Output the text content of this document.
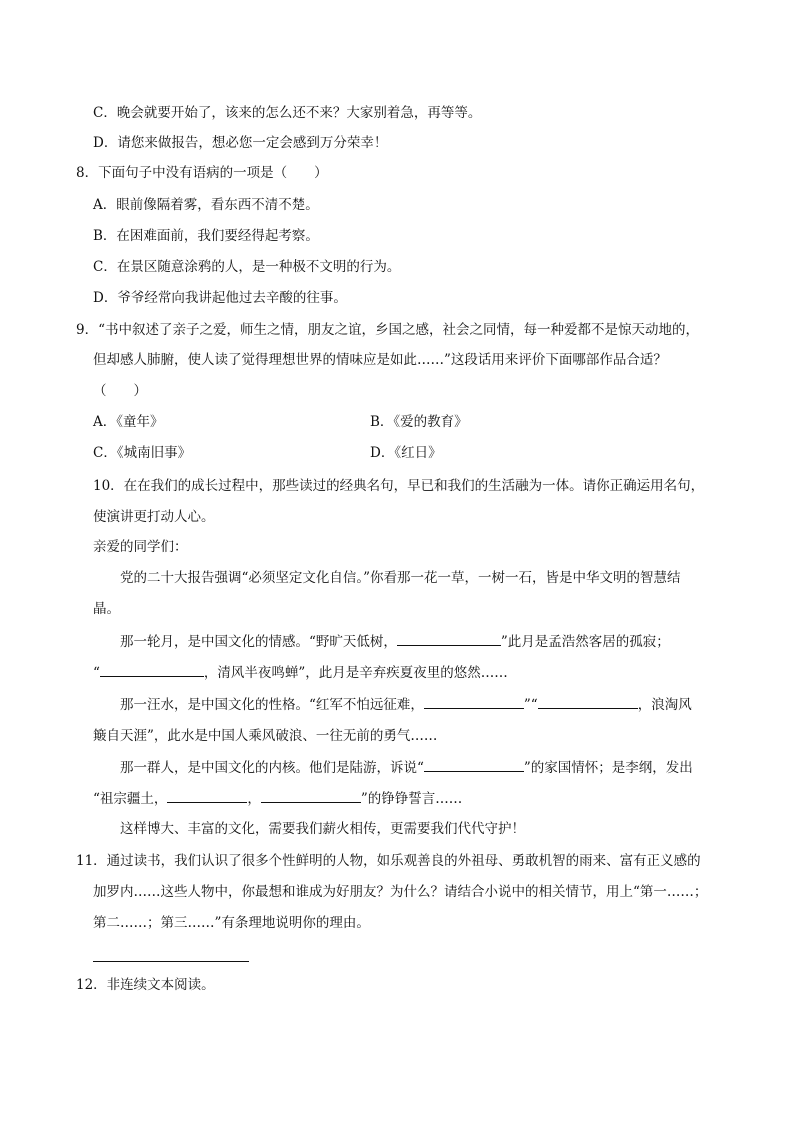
C．晚会就要开始了，该来的怎么还不来？大家别着急，再等等。
D．请您来做报告，想必您一定会感到万分荣幸！
8．下面句子中没有语病的一项是（　　）
A．眼前像隔着雾，看东西不清不楚。
B．在困难面前，我们要经得起考察。
C．在景区随意涂鸦的人，是一种极不文明的行为。
D．爷爷经常向我讲起他过去辛酸的往事。
9．“书中叙述了亲子之爱，师生之情，朋友之谊，乡国之感，社会之同情，每一种爱都不是惊天动地的，
但却感人肺腑，使人读了觉得理想世界的情味应是如此……”这段话用来评价下面哪部作品合适？
（　　）
A．《童年》	B．《爱的教育》
C．《城南旧事》	D．《红日》
10．在在我们的成长过程中，那些读过的经典名句，早已和我们的生活融为一体。请你正确运用名句，
使演讲更打动人心。
亲爱的同学们：
党的二十大报告强调“必须坚定文化自信。”你看那一花一草，一树一石，皆是中华文明的智慧结
晶。
那一轮月，是中国文化的情感。“野旷天低树，	”此月是孟浩然客居的孤寂；
“	，清风半夜鸣蝉”，此月是辛弃疾夏夜里的悠然……
那一汪水，是中国文化的性格。“红军不怕远征难，	”“	，浪淘风
簸自天涯”，此水是中国人乘风破浪、一往无前的勇气……
那一群人，是中国文化的内核。他们是陆游，诉说“	”的家国情怀；是李纲，发出
“祖宗疆土，	，	”的铮铮誓言……
这样博大、丰富的文化，需要我们薪火相传，更需要我们代代守护！
11．通过读书，我们认识了很多个性鲜明的人物，如乐观善良的外祖母、勇敢机智的雨来、富有正义感的
加罗内……这些人物中，你最想和谁成为好朋友？为什么？请结合小说中的相关情节，用上“第一……；
第二……；第三……”有条理地说明你的理由。
12．非连续文本阅读。
